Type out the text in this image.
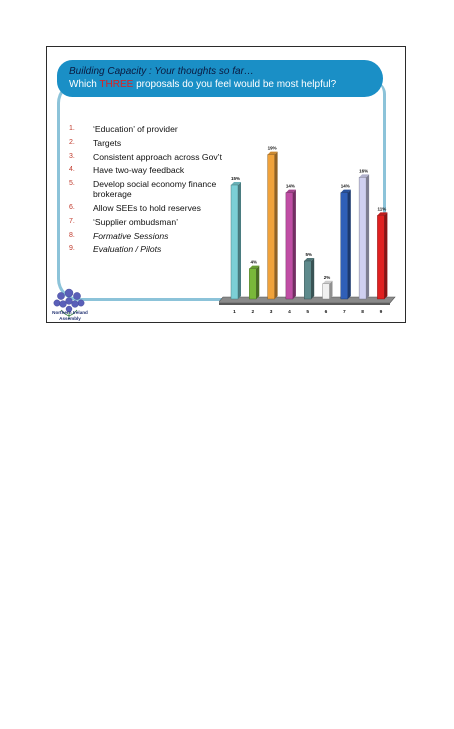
Building Capacity : Your thoughts so far…
Which THREE proposals do you feel would be most helpful?
1.	‘Education’ of provider
2.	Targets
3.	Consistent approach across Gov’t
4.	Have two-way feedback
5.	Develop social economy finance brokerage
6.	Allow SEEs to hold reserves
7.	‘Supplier ombudsman’
8.	Formative Sessions
9.	Evaluation / Pilots
Northern Ireland
Assembly
15%
1
4%
2
19%
3
14%
4
5%
5
2%
6
14%
7
16%
8
11%
9
